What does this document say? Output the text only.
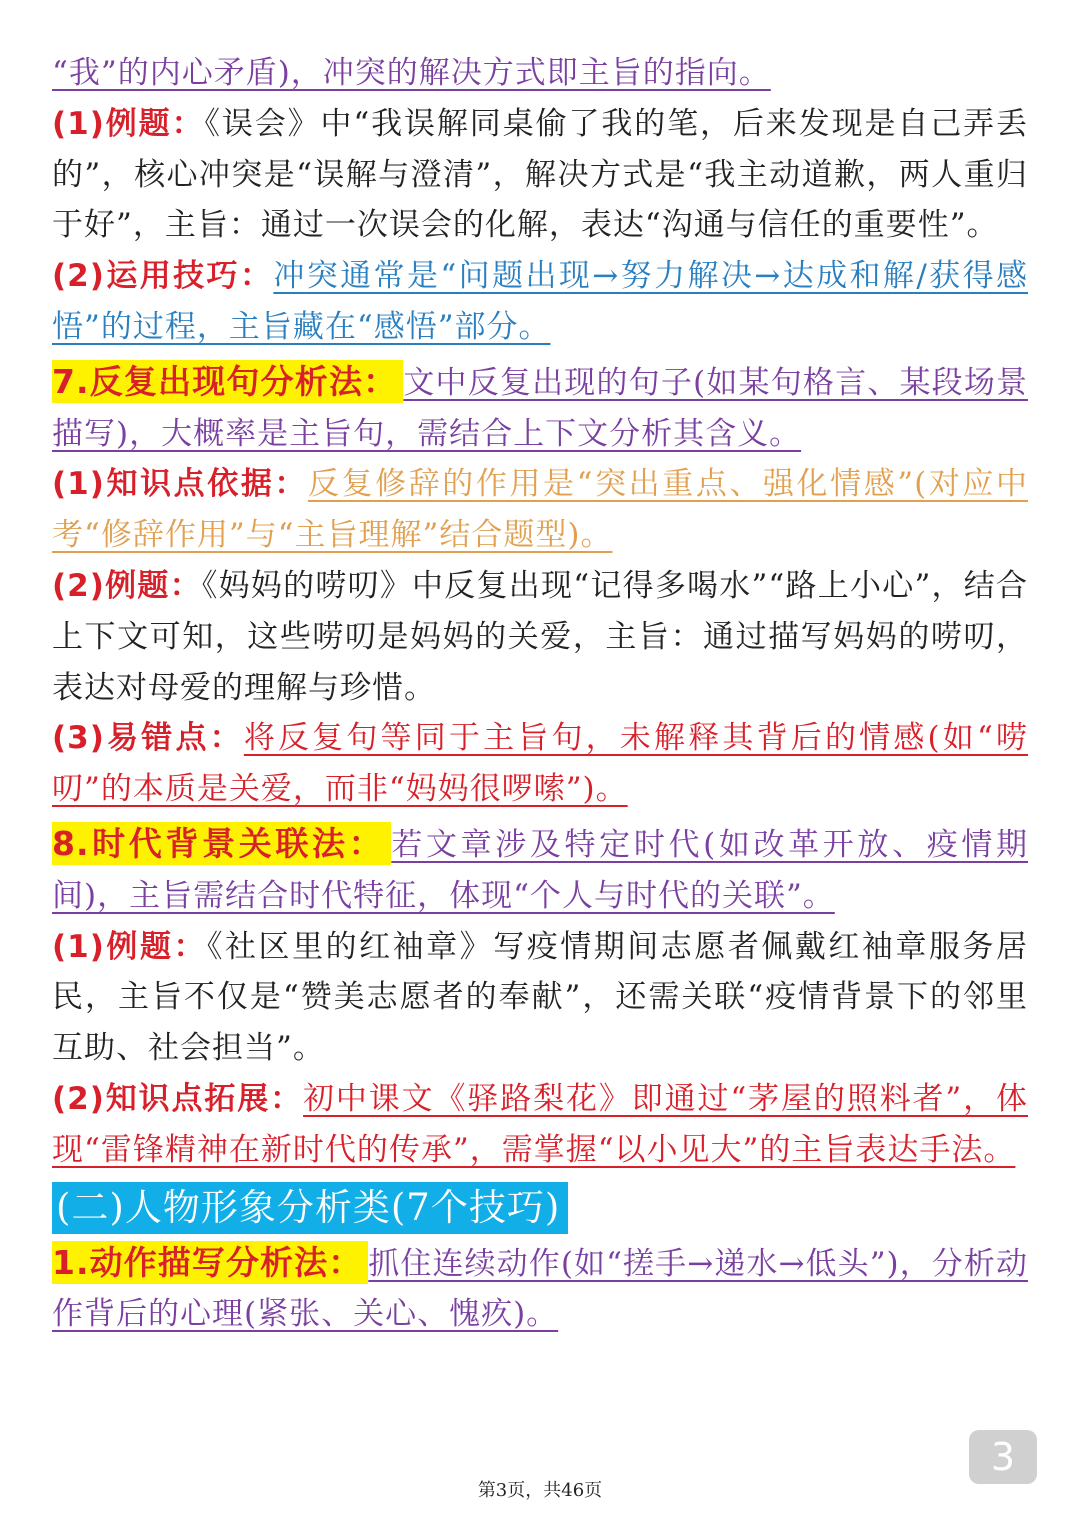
“我”的内心矛盾)，冲突的解决方式即主旨的指向。

(1)例题：《误会》中“我误解同桌偷了我的笔，后来发现是自己弄丢的”，核心冲突是“误解与澄清”，解决方式是“我主动道歉，两人重归于好”，主旨：通过一次误会的化解，表达“沟通与信任的重要性”。

(2)运用技巧：冲突通常是“问题出现→努力解决→达成和解/获得感悟”的过程，主旨藏在“感悟”部分。

7.反复出现句分析法： 文中反复出现的句子(如某句格言、某段场景描写)，大概率是主旨句，需结合上下文分析其含义。

(1)知识点依据：反复修辞的作用是“突出重点、强化情感”(对应中考“修辞作用”与“主旨理解”结合题型)。

(2)例题：《妈妈的唠叨》中反复出现“记得多喝水”“路上小心”，结合上下文可知，这些唠叨是妈妈的关爱，主旨：通过描写妈妈的唠叨，表达对母爱的理解与珍惜。

(3)易错点：将反复句等同于主旨句，未解释其背后的情感(如“唠叨”的本质是关爱，而非“妈妈很啰嗦”)。

8.时代背景关联法： 若文章涉及特定时代(如改革开放、疫情期间)，主旨需结合时代特征，体现“个人与时代的关联”。

(1)例题：《社区里的红袖章》写疫情期间志愿者佩戴红袖章服务居民，主旨不仅是“赞美志愿者的奉献”，还需关联“疫情背景下的邻里互助、社会担当”。

(2)知识点拓展：初中课文《驿路梨花》即通过“茅屋的照料者”，体现“雷锋精神在新时代的传承”，需掌握“以小见大”的主旨表达手法。

(二)人物形象分析类(7个技巧)

1.动作描写分析法： 抓住连续动作(如“搓手→递水→低头”)，分析动作背后的心理(紧张、关心、愧疚)。

3
第3页，共46页
